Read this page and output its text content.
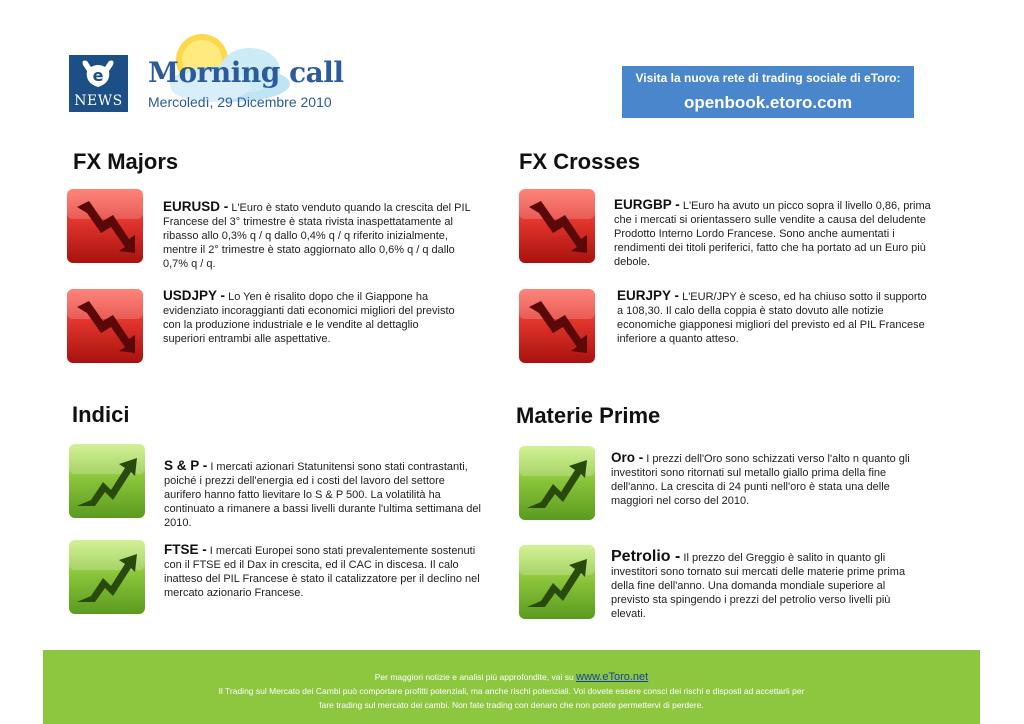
e
NEWS
Morning call
Mercoledì, 29 Dicembre 2010
Visita la nuova rete di trading sociale di eToro:
openbook.etoro.com
FX Majors	FX Crosses
Indici	Materie Prime
EURUSD - L'Euro è stato venduto quando la crescita del PIL Francese del 3° trimestre è stata rivista inaspettatamente al ribasso allo 0,3% q / q dallo 0,4% q / q riferito inizialmente, mentre il 2° trimestre è stato aggiornato allo 0,6% q / q dallo 0,7% q / q.
USDJPY - Lo Yen è risalito dopo che il Giappone ha evidenziato incoraggianti dati economici migliori del previsto con la produzione industriale e le vendite al dettaglio superiori entrambi alle aspettative.
EURGBP - L'Euro ha avuto un picco sopra il livello 0,86, prima che i mercati si orientassero sulle vendite a causa del deludente Prodotto Interno Lordo Francese. Sono anche aumentati i rendimenti dei titoli periferici, fatto che ha portato ad un Euro più debole.
EURJPY - L'EUR/JPY è sceso, ed ha chiuso sotto il supporto a 108,30. Il calo della coppia è stato dovuto alle notizie economiche giapponesi migliori del previsto ed al PIL Francese inferiore a quanto atteso.
S & P - I mercati azionari Statunitensi sono stati contrastanti, poiché i prezzi dell'energia ed i costi del lavoro del settore aurifero hanno fatto lievitare lo S & P 500. La volatilità ha continuato a rimanere a bassi livelli durante l'ultima settimana del 2010.
FTSE - I mercati Europei sono stati prevalentemente sostenuti con il FTSE ed il Dax in crescita, ed il CAC in discesa. Il calo inatteso del PIL Francese è stato il catalizzatore per il declino nel mercato azionario Francese.
Oro - I prezzi dell'Oro sono schizzati verso l'alto n quanto gli investitori sono ritornati sul metallo giallo prima della fine dell'anno. La crescita di 24 punti nell'oro è stata una delle maggiori nel corso del 2010.
Petrolio - Il prezzo del Greggio è salito in quanto gli investitori sono tornato sui mercati delle materie prime prima della fine dell'anno. Una domanda mondiale superiore al previsto sta spingendo i prezzi del petrolio verso livelli più elevati.
Per maggiori notizie e analisi più approfondite, vai su www.eToro.net
Il Trading sul Mercato dei Cambi può comportare profitti potenziali, ma anche rischi potenziali. Voi dovete essere consci dei rischi e disposti ad accettarli per
fare trading sul mercato dei cambi. Non fate trading con denaro che non potete permettervi di perdere.
